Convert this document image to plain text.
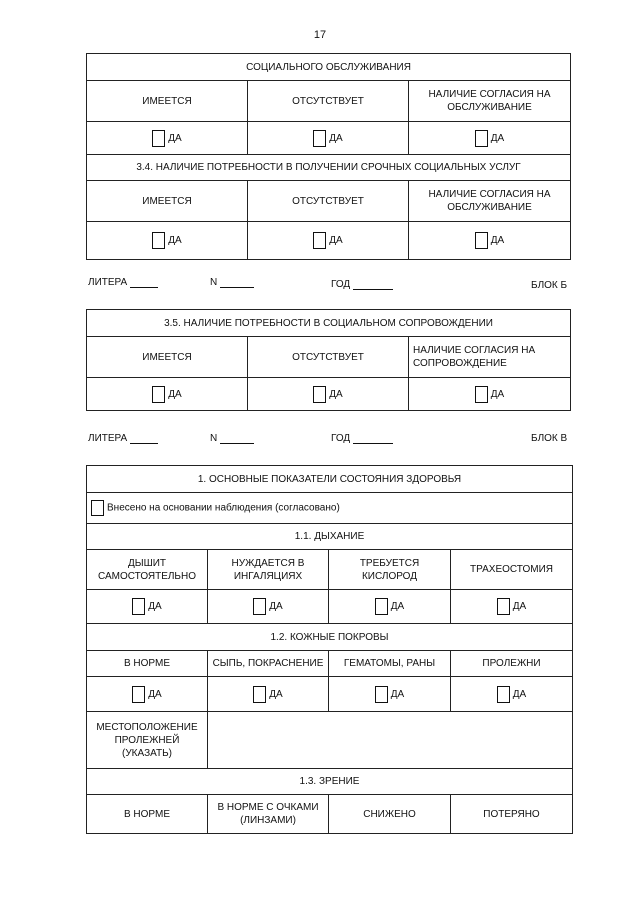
17
СОЦИАЛЬНОГО ОБСЛУЖИВАНИЯ		
ИМЕЕТСЯ	ОТСУТСТВУЕТ	НАЛИЧИЕ СОГЛАСИЯ НА ОБСЛУЖИВАНИЕ
ДА	ДА	ДА
3.4. НАЛИЧИЕ ПОТРЕБНОСТИ В ПОЛУЧЕНИИ СРОЧНЫХ СОЦИАЛЬНЫХ УСЛУГ		
ИМЕЕТСЯ	ОТСУТСТВУЕТ	НАЛИЧИЕ СОГЛАСИЯ НА ОБСЛУЖИВАНИЕ
ДА	ДА	ДА
ЛИТЕРА	N	ГОД	БЛОК Б
3.5. НАЛИЧИЕ ПОТРЕБНОСТИ В СОЦИАЛЬНОМ СОПРОВОЖДЕНИИ		
ИМЕЕТСЯ	ОТСУТСТВУЕТ	НАЛИЧИЕ СОГЛАСИЯ НА СОПРОВОЖДЕНИЕ
ДА	ДА	ДА
ЛИТЕРА	N	ГОД	БЛОК В
1. ОСНОВНЫЕ ПОКАЗАТЕЛИ СОСТОЯНИЯ ЗДОРОВЬЯ			
Внесено на основании наблюдения (согласовано)			
1.1. ДЫХАНИЕ			
ДЫШИТ САМОСТОЯТЕЛЬНО	НУЖДАЕТСЯ В ИНГАЛЯЦИЯХ	ТРЕБУЕТСЯ КИСЛОРОД	ТРАХЕОСТОМИЯ
ДА	ДА	ДА	ДА
1.2. КОЖНЫЕ ПОКРОВЫ			
В НОРМЕ	СЫПЬ, ПОКРАСНЕНИЕ	ГЕМАТОМЫ, РАНЫ	ПРОЛЕЖНИ
ДА	ДА	ДА	ДА
МЕСТОПОЛОЖЕНИЕ ПРОЛЕЖНЕЙ (УКАЗАТЬ)			
1.3. ЗРЕНИЕ			
В НОРМЕ	В НОРМЕ С ОЧКАМИ (ЛИНЗАМИ)	СНИЖЕНО	ПОТЕРЯНО
